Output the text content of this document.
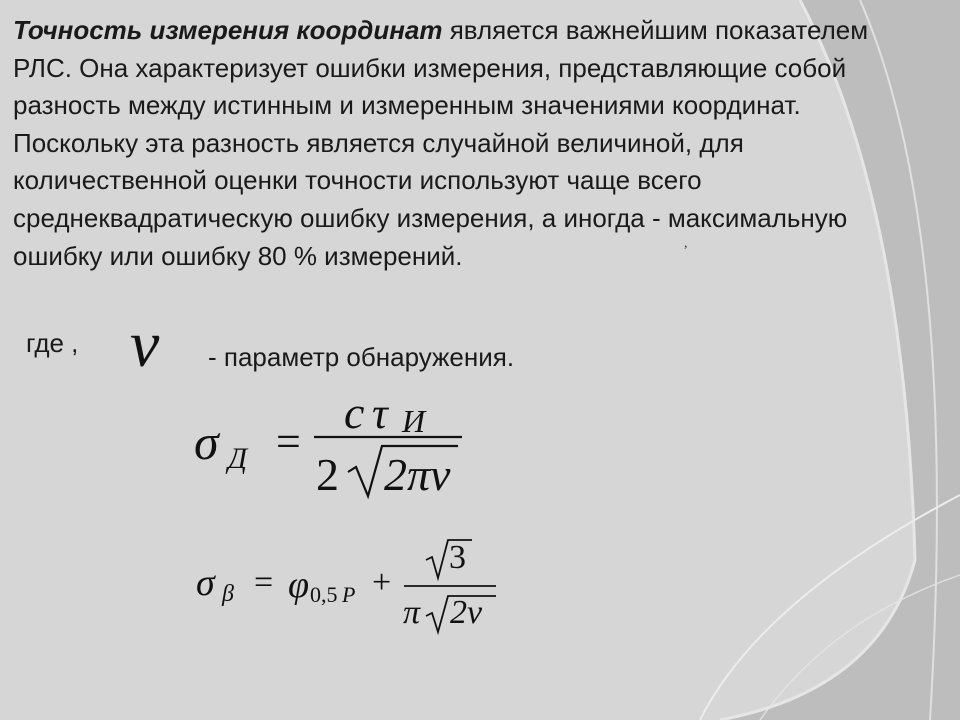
Точность измерения координат является важнейшим показателем РЛС. Она характеризует ошибки измерения, представляющие собой разность между истинным и измеренным значениями координат. Поскольку эта разность является случайной величиной, для количественной оценки точности используют чаще всего среднеквадратическую ошибку измерения, а иногда - максимальную ошибку или ошибку 80 % измерений.	,

где , ν - параметр обнаружения.

σ Д =
c τ И
2 2πν
σ β = φ 0,5 P +
3
π 2ν
